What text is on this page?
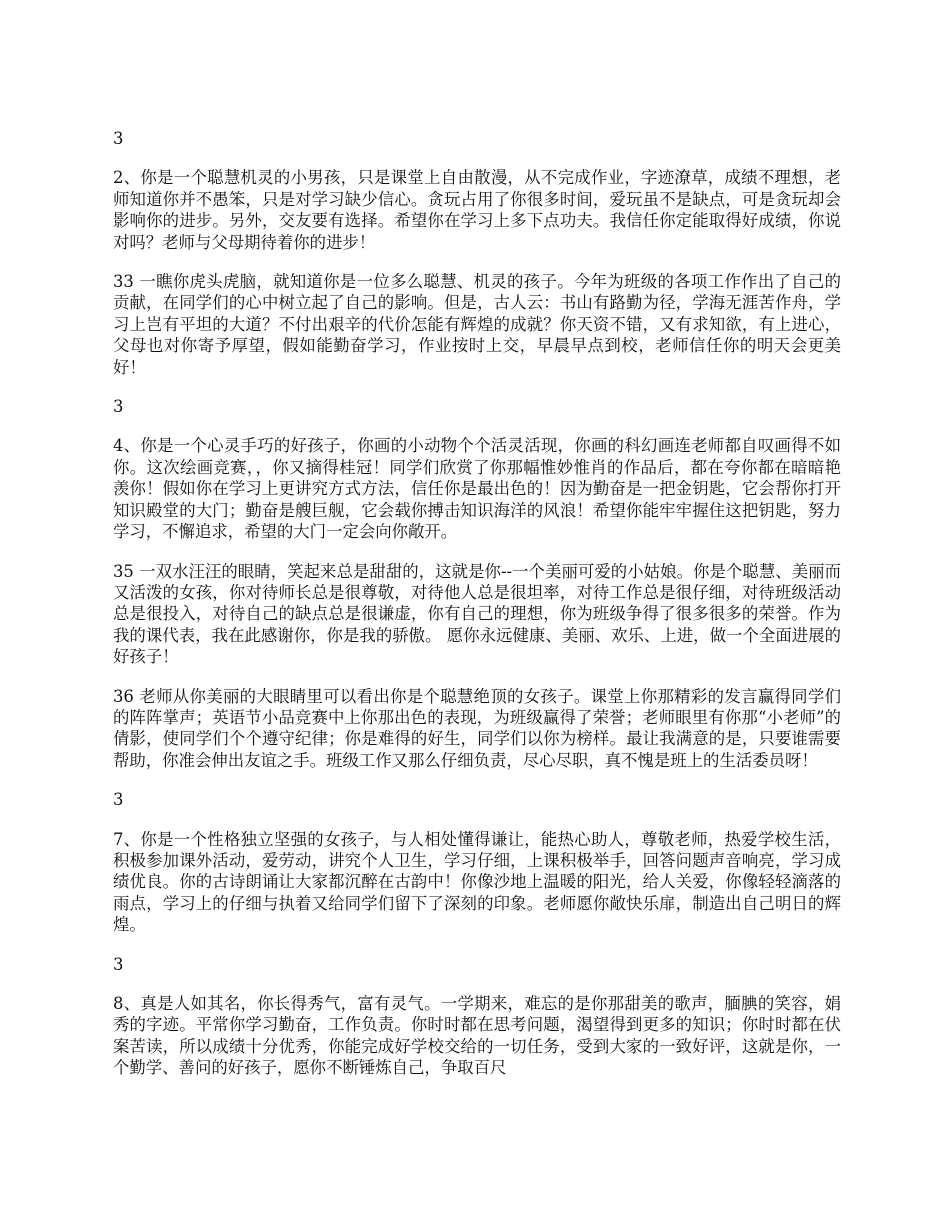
3
2、你是一个聪慧机灵的小男孩，只是课堂上自由散漫，从不完成作业，字迹潦草，成绩不理想，老师知道你并不愚笨，只是对学习缺少信心。贪玩占用了你很多时间，爱玩虽不是缺点，可是贪玩却会影响你的进步。另外，交友要有选择。希望你在学习上多下点功夫。我信任你定能取得好成绩，你说对吗？老师与父母期待着你的进步！
33 一瞧你虎头虎脑，就知道你是一位多么聪慧、机灵的孩子。今年为班级的各项工作作出了自己的贡献，在同学们的心中树立起了自己的影响。但是，古人云：书山有路勤为径，学海无涯苦作舟，学习上岂有平坦的大道？不付出艰辛的代价怎能有辉煌的成就？你天资不错，又有求知欲，有上进心，父母也对你寄予厚望，假如能勤奋学习，作业按时上交，早晨早点到校，老师信任你的明天会更美好！
3
4、你是一个心灵手巧的好孩子，你画的小动物个个活灵活现，你画的科幻画连老师都自叹画得不如你。这次绘画竞赛，，你又摘得桂冠！同学们欣赏了你那幅惟妙惟肖的作品后，都在夸你都在暗暗艳羡你！假如你在学习上更讲究方式方法，信任你是最出色的！因为勤奋是一把金钥匙，它会帮你打开知识殿堂的大门；勤奋是艘巨舰，它会载你搏击知识海洋的风浪！希望你能牢牢握住这把钥匙，努力学习，不懈追求，希望的大门一定会向你敞开。
35 一双水汪汪的眼睛，笑起来总是甜甜的，这就是你--一个美丽可爱的小姑娘。你是个聪慧、美丽而又活泼的女孩，你对待师长总是很尊敬，对待他人总是很坦率，对待工作总是很仔细，对待班级活动总是很投入，对待自己的缺点总是很谦虚，你有自己的理想，你为班级争得了很多很多的荣誉。作为我的课代表，我在此感谢你，你是我的骄傲。 愿你永远健康、美丽、欢乐、上进，做一个全面进展的好孩子！
36 老师从你美丽的大眼睛里可以看出你是个聪慧绝顶的女孩子。课堂上你那精彩的发言赢得同学们的阵阵掌声；英语节小品竞赛中上你那出色的表现，为班级赢得了荣誉；老师眼里有你那“小老师”的倩影，使同学们个个遵守纪律；你是难得的好生，同学们以你为榜样。最让我满意的是，只要谁需要帮助，你准会伸出友谊之手。班级工作又那么仔细负责，尽心尽职，真不愧是班上的生活委员呀！
3
7、你是一个性格独立坚强的女孩子，与人相处懂得谦让，能热心助人，尊敬老师，热爱学校生活，积极参加课外活动，爱劳动，讲究个人卫生，学习仔细，上课积极举手，回答问题声音响亮，学习成绩优良。你的古诗朗诵让大家都沉醉在古韵中！你像沙地上温暖的阳光，给人关爱，你像轻轻滴落的雨点，学习上的仔细与执着又给同学们留下了深刻的印象。老师愿你敞快乐扉，制造出自己明日的辉煌。
3
8、真是人如其名，你长得秀气，富有灵气。一学期来，难忘的是你那甜美的歌声，腼腆的笑容，娟秀的字迹。平常你学习勤奋，工作负责。你时时都在思考问题，渴望得到更多的知识；你时时都在伏案苦读，所以成绩十分优秀，你能完成好学校交给的一切任务，受到大家的一致好评，这就是你，一个勤学、善问的好孩子，愿你不断锤炼自己，争取百尺
